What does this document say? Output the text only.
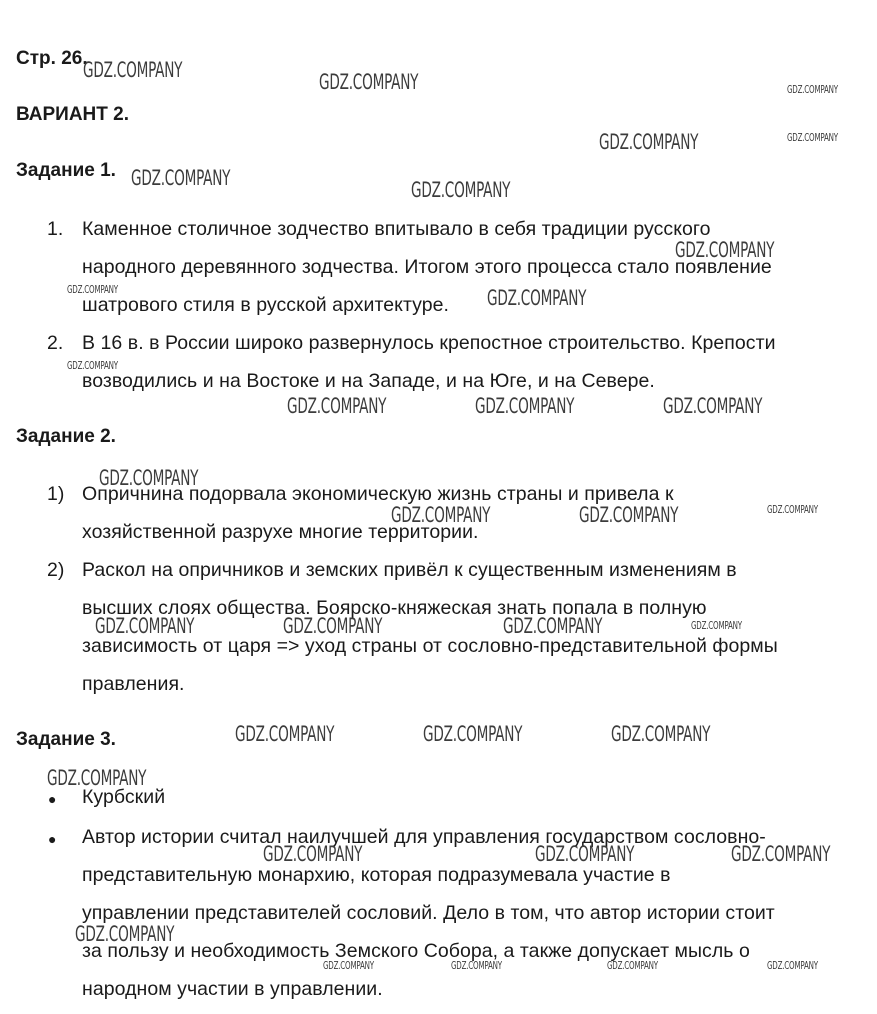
Стр. 26.
ВАРИАНТ 2.
Задание 1.
1. Каменное столичное зодчество впитывало в себя традиции русского
народного деревянного зодчества. Итогом этого процесса стало появление
шатрового стиля в русской архитектуре.
2. В 16 в. в России широко развернулось крепостное строительство. Крепости
возводились и на Востоке и на Западе, и на Юге, и на Севере.
Задание 2.
1) Опричнина подорвала экономическую жизнь страны и привела к
хозяйственной разрухе многие территории.
2) Раскол на опричников и земских привёл к существенным изменениям в
высших слоях общества. Боярско-княжеская знать попала в полную
зависимость от царя => уход страны от сословно-представительной формы
правления.
Задание 3.
● Курбский
● Автор истории считал наилучшей для управления государством сословно-
представительную монархию, которая подразумевала участие в
управлении представителей сословий. Дело в том, что автор истории стоит
за пользу и необходимость Земского Собора, а также допускает мысль о
народном участии в управлении.
GDZ.COMPANY	GDZ.COMPANY	GDZ.COMPANY
GDZ.COMPANY	GDZ.COMPANY
GDZ.COMPANY	GDZ.COMPANY
GDZ.COMPANY
GDZ.COMPANY	GDZ.COMPANY
GDZ.COMPANY
GDZ.COMPANY	GDZ.COMPANY	GDZ.COMPANY
GDZ.COMPANY
GDZ.COMPANY	GDZ.COMPANY	GDZ.COMPANY
GDZ.COMPANY	GDZ.COMPANY	GDZ.COMPANY	GDZ.COMPANY
GDZ.COMPANY	GDZ.COMPANY	GDZ.COMPANY
GDZ.COMPANY
GDZ.COMPANY	GDZ.COMPANY	GDZ.COMPANY
GDZ.COMPANY
GDZ.COMPANY	GDZ.COMPANY	GDZ.COMPANY	GDZ.COMPANY
